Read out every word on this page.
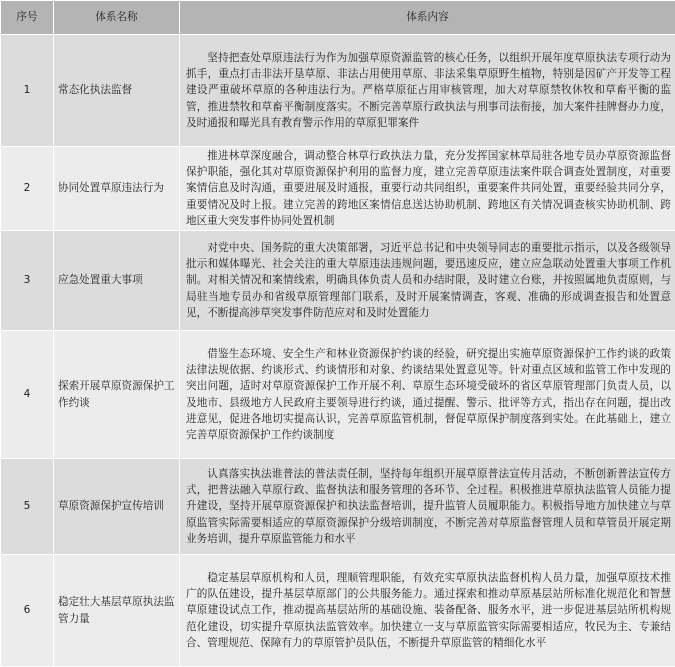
序号	体系名称	体系内容
1	常态化执法监督	坚持把查处草原违法行为作为加强草原资源监管的核心任务，以组织开展年度草原执法专项行动为抓手，重点打击非法开垦草原、非法占用使用草原、非法采集草原野生植物，特别是因矿产开发等工程建设严重破坏草原的各种违法行为。严格草原征占用审核管理，加大对草原禁牧休牧和草畜平衡的监管，推进禁牧和草畜平衡制度落实。不断完善草原行政执法与刑事司法衔接，加大案件挂牌督办力度，及时通报和曝光具有教育警示作用的草原犯罪案件
2	协同处置草原违法行为	推进林草深度融合，调动整合林草行政执法力量，充分发挥国家林草局驻各地专员办草原资源监督保护职能，强化其对草原资源保护利用的监督力度，建立完善草原违法案件联合调查处置制度，对重要案情信息及时沟通，重要进展及时通报，重要行动共同组织，重要案件共同处置，重要经验共同分享，重要情况及时上报。建立完善的跨地区案情信息送达协助机制、跨地区有关情况调查核实协助机制、跨地区重大突发事件协同处置机制
3	应急处置重大事项	对党中央、国务院的重大决策部署，习近平总书记和中央领导同志的重要批示指示，以及各级领导批示和媒体曝光、社会关注的重大草原违法违规问题，要迅速反应，建立应急联动处置重大事项工作机制。对相关情况和案情线索，明确具体负责人员和办结时限，及时建立台账，并按照属地负责原则，与局驻当地专员办和省级草原管理部门联系，及时开展案情调查，客观、准确的形成调查报告和处置意见，不断提高涉草突发事件防范应对和及时处置能力
4	探索开展草原资源保护工作约谈	借鉴生态环境、安全生产和林业资源保护约谈的经验，研究提出实施草原资源保护工作约谈的政策法律法规依据、约谈形式、约谈情形和对象、约谈结果处置意见等。针对重点区域和监管工作中发现的突出问题，适时对草原资源保护工作开展不利、草原生态环境受破坏的省区草原管理部门负责人员，以及地市、县级地方人民政府主要领导进行约谈，通过提醒、警示、批评等方式，指出存在问题，提出改进意见，促进各地切实提高认识，完善草原监管机制，督促草原保护制度落到实处。在此基础上，建立完善草原资源保护工作约谈制度
5	草原资源保护宣传培训	认真落实执法谁普法的普法责任制，坚持每年组织开展草原普法宣传月活动，不断创新普法宣传方式，把普法融入草原行政、监督执法和服务管理的各环节、全过程。积极推进草原执法监管人员能力提升建设，坚持开展草原资源保护和执法监督培训，提升监管人员履职能力。积极指导地方加快建立与草原监管实际需要相适应的草原资源保护分级培训制度，不断完善对草原监督管理人员和草管员开展定期业务培训，提升草原监管能力和水平
6	稳定壮大基层草原执法监管力量	稳定基层草原机构和人员，理顺管理职能，有效充实草原执法监督机构人员力量，加强草原技术推广的队伍建设，提升基层草原部门的公共服务能力。通过探索和推动草原基层站所标准化规范化和智慧草原建设试点工作，推动提高基层站所的基础设施、装备配备、服务水平，进一步促进基层站所机构规范化建设，切实提升草原执法监管效率。加快建立一支与草原监管实际需要相适应，牧民为主、专兼结合、管理规范、保障有力的草原管护员队伍，不断提升草原监管的精细化水平
